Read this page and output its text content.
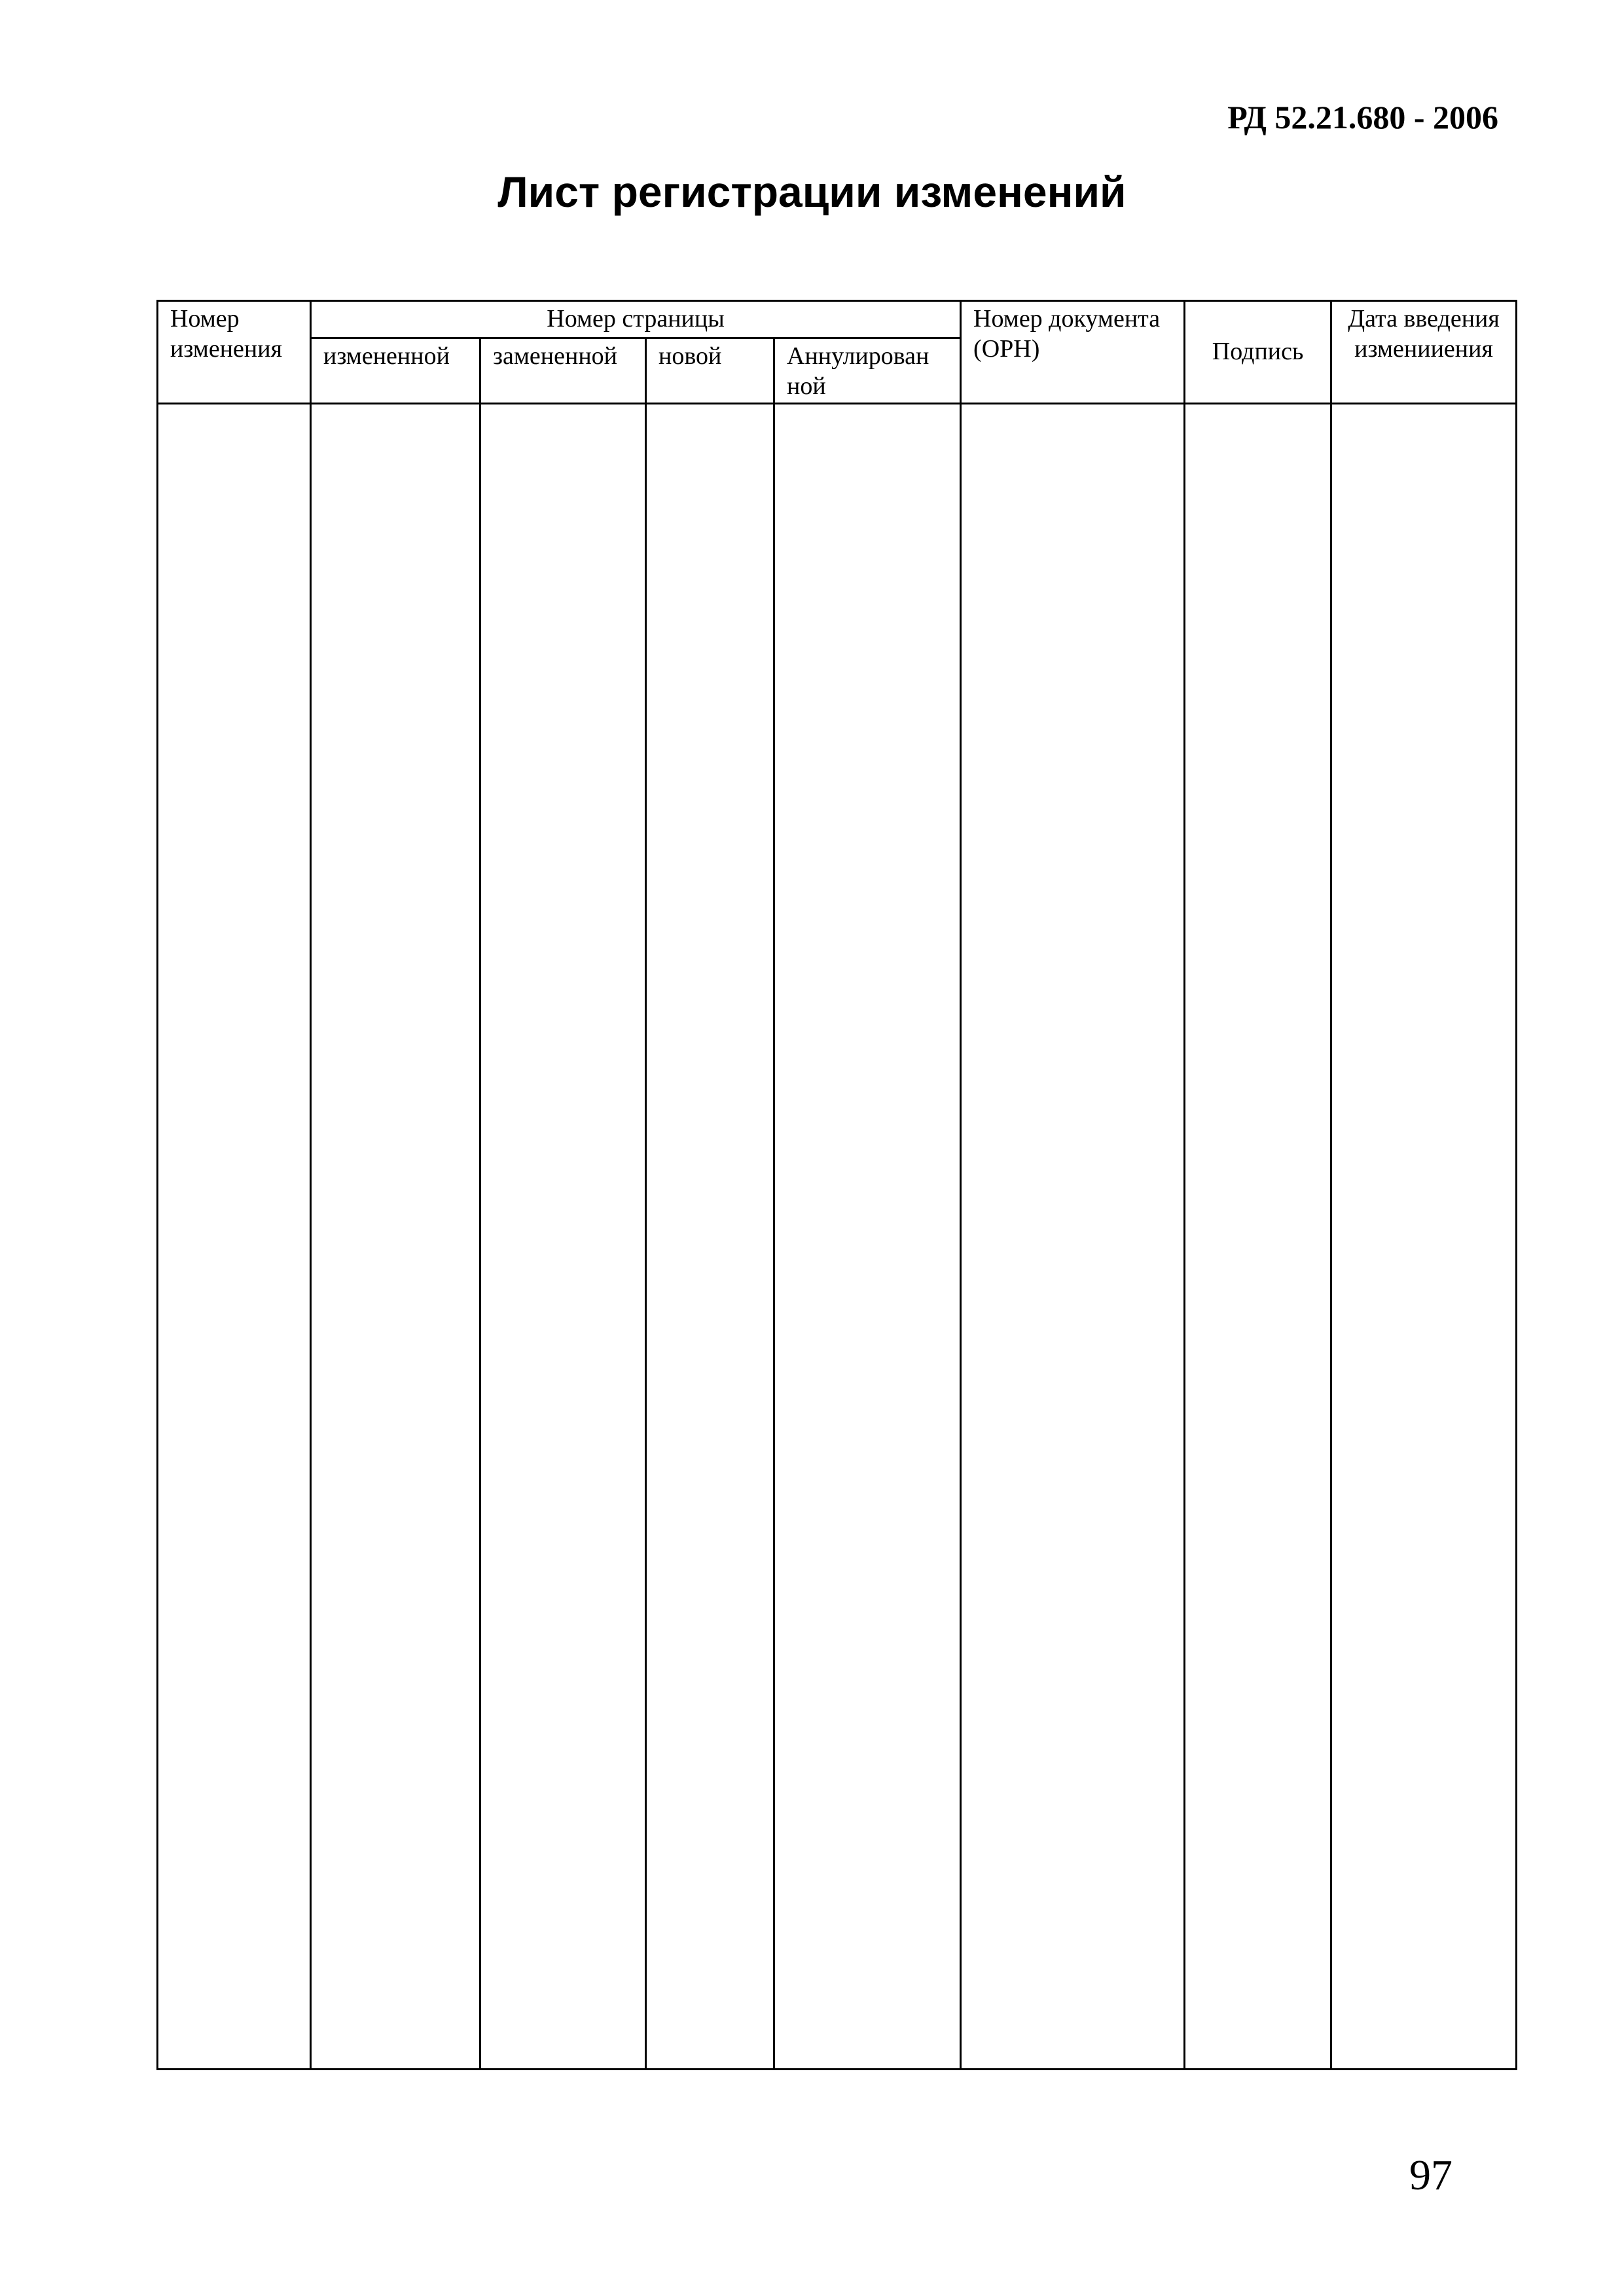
РД 52.21.680 - 2006
Лист регистрации изменений
Номер изменения	Номер страницы				Номер документа (ОРН)	Подпись	Дата введения изменииения

	измененной	замененной	новой	Аннулирован ной			

97
